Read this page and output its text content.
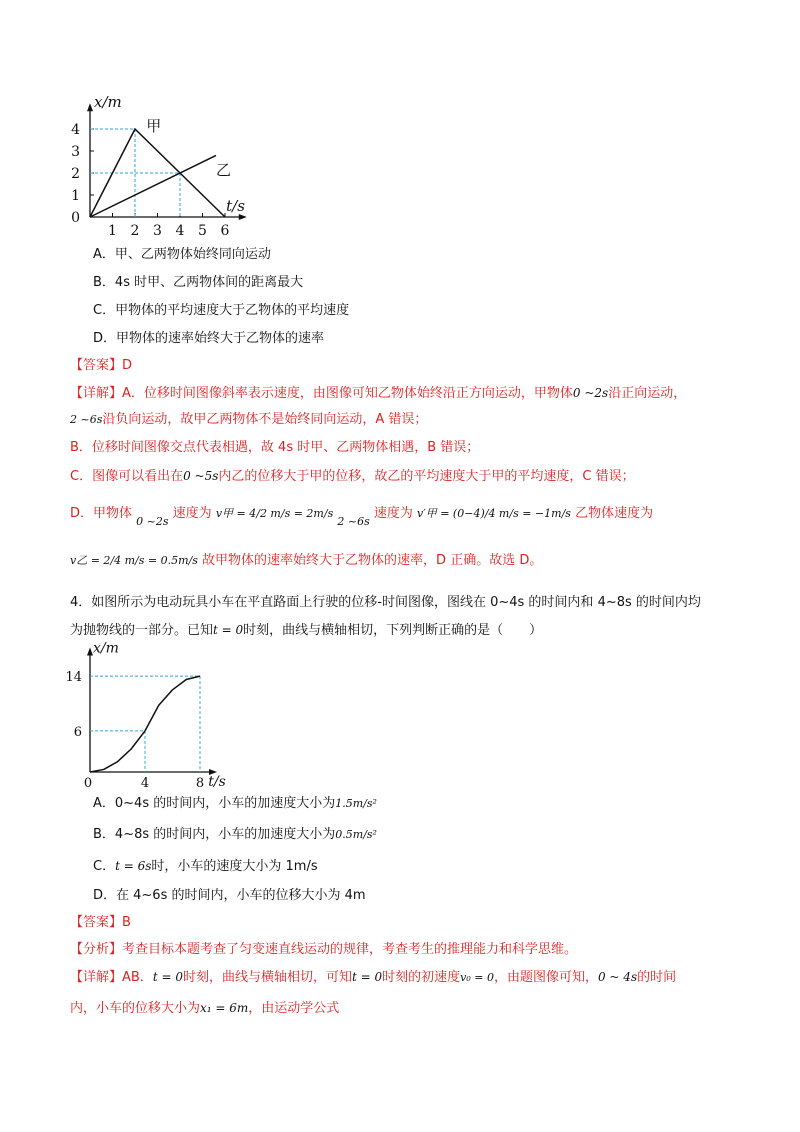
1 2 3 4 5 6
0
1
2
3
4
t/s
x/m
甲
乙
A．甲、乙两物体始终同向运动
B．4s 时甲、乙两物体间的距离最大
C．甲物体的平均速度大于乙物体的平均速度
D．甲物体的速率始终大于乙物体的速率
【答案】D
【详解】A．位移时间图像斜率表示速度，由图像可知乙物体始终沿正方向运动，甲物体0 ~2s沿正向运动，
2 ~6s沿负向运动，故甲乙两物体不是始终同向运动，A 错误；
B．位移时间图像交点代表相遇，故 4s 时甲、乙两物体相遇，B 错误；
C．图像可以看出在0 ~5s内乙的位移大于甲的位移，故乙的平均速度大于甲的平均速度，C 错误；
D．甲物体 $_{0 \sim 2s}$ 速度为 v甲 = 4/2 m/s = 2m/s $_{2 \sim 6s}$ 速度为 v′甲 = (0−4)/4 m/s = −1m/s 乙物体速度为
v乙 = 2/4 m/s = 0.5m/s 故甲物体的速率始终大于乙物体的速率，D 正确。故选 D。
4．如图所示为电动玩具小车在平直路面上行驶的位移-时间图像，图线在 0~4s 的时间内和 4~8s 的时间内均
为抛物线的一部分。已知t = 0时刻，曲线与横轴相切，下列判断正确的是（　　）
0	4	8
6
14
t/s
x/m
A．0~4s 的时间内，小车的加速度大小为1.5m/s²
B．4~8s 的时间内，小车的加速度大小为0.5m/s²
C．t = 6s时，小车的速度大小为 1m/s
D．在 4~6s 的时间内，小车的位移大小为 4m
【答案】B
【分析】考查目标本题考查了匀变速直线运动的规律，考查考生的推理能力和科学思维。
【详解】AB．t = 0时刻，曲线与横轴相切，可知t = 0时刻的初速度v₀ = 0，由题图像可知，0 ~ 4s的时间
内，小车的位移大小为x₁ = 6m，由运动学公式
